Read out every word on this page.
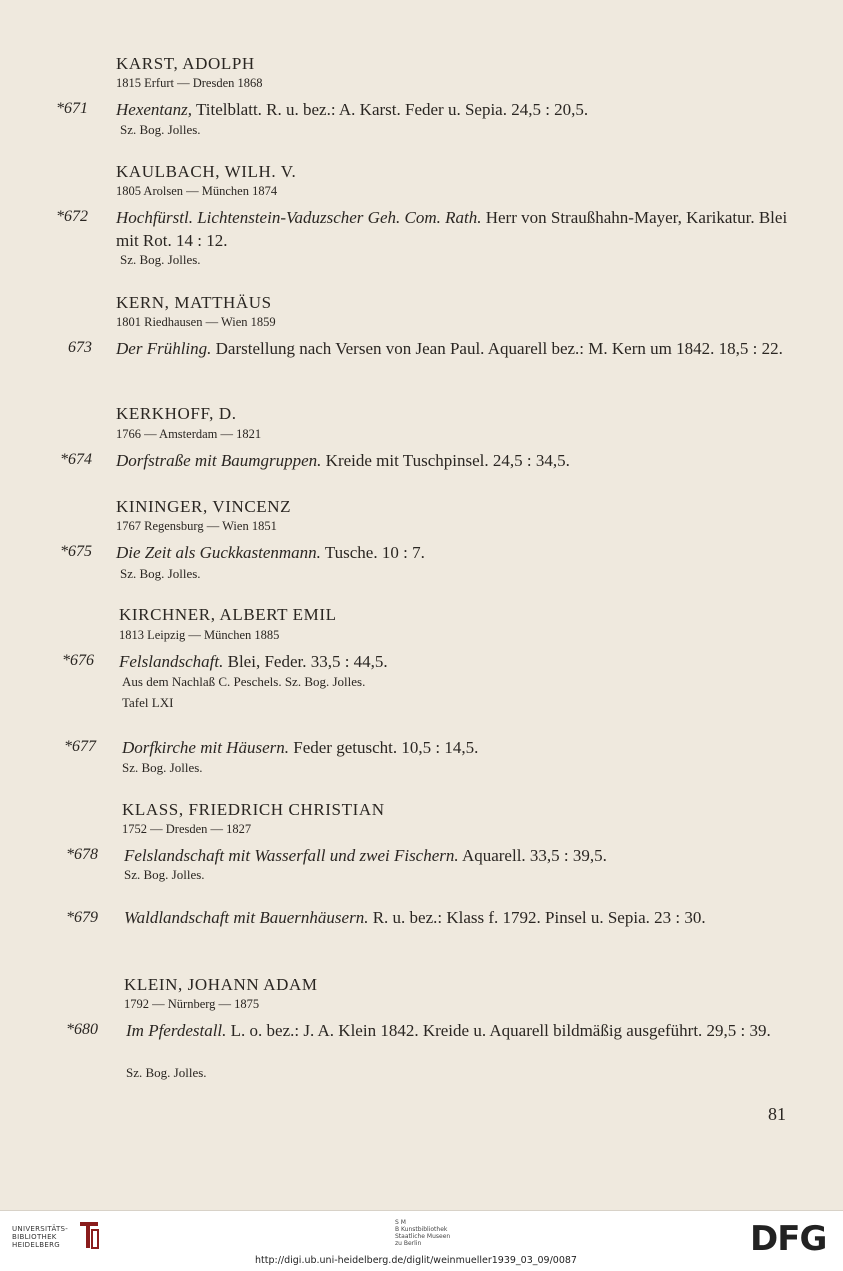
KARST, ADOLPH
1815 Erfurt — Dresden 1868
*671 Hexentanz, Titelblatt. R. u. bez.: A. Karst. Feder u. Sepia. 24,5 : 20,5.
Sz. Bog. Jolles.
KAULBACH, WILH. V.
1805 Arolsen — München 1874
*672 Hochfürstl. Lichtenstein-Vaduzscher Geh. Com. Rath. Herr von Straußhahn-Mayer, Karikatur. Blei mit Rot. 14 : 12.
Sz. Bog. Jolles.
KERN, MATTHÄUS
1801 Riedhausen — Wien 1859
673 Der Frühling. Darstellung nach Versen von Jean Paul. Aquarell bez.: M. Kern um 1842. 18,5 : 22.
KERKHOFF, D.
1766 — Amsterdam — 1821
*674 Dorfstraße mit Baumgruppen. Kreide mit Tuschpinsel. 24,5 : 34,5.
KININGER, VINCENZ
1767 Regensburg — Wien 1851
*675 Die Zeit als Guckkastenmann. Tusche. 10 : 7.
Sz. Bog. Jolles.
KIRCHNER, ALBERT EMIL
1813 Leipzig — München 1885
*676 Felslandschaft. Blei, Feder. 33,5 : 44,5.
Aus dem Nachlaß C. Peschels. Sz. Bog. Jolles.
Tafel LXI
*677 Dorfkirche mit Häusern. Feder getuscht. 10,5 : 14,5.
Sz. Bog. Jolles.
KLASS, FRIEDRICH CHRISTIAN
1752 — Dresden — 1827
*678 Felslandschaft mit Wasserfall und zwei Fischern. Aquarell. 33,5 : 39,5.
Sz. Bog. Jolles.
*679 Waldlandschaft mit Bauernhäusern. R. u. bez.: Klass f. 1792. Pinsel u. Sepia. 23 : 30.
KLEIN, JOHANN ADAM
1792 — Nürnberg — 1875
*680 Im Pferdestall. L. o. bez.: J. A. Klein 1842. Kreide u. Aquarell bildmäßig ausgeführt. 29,5 : 39.
Sz. Bog. Jolles.
81
UNIVERSITÄTS-
BIBLIOTHEK
HEIDELBERG
S M
B Kunstbibliothek
Staatliche Museen
zu Berlin
http://digi.ub.uni-heidelberg.de/diglit/weinmueller1939_03_09/0087
DFG
